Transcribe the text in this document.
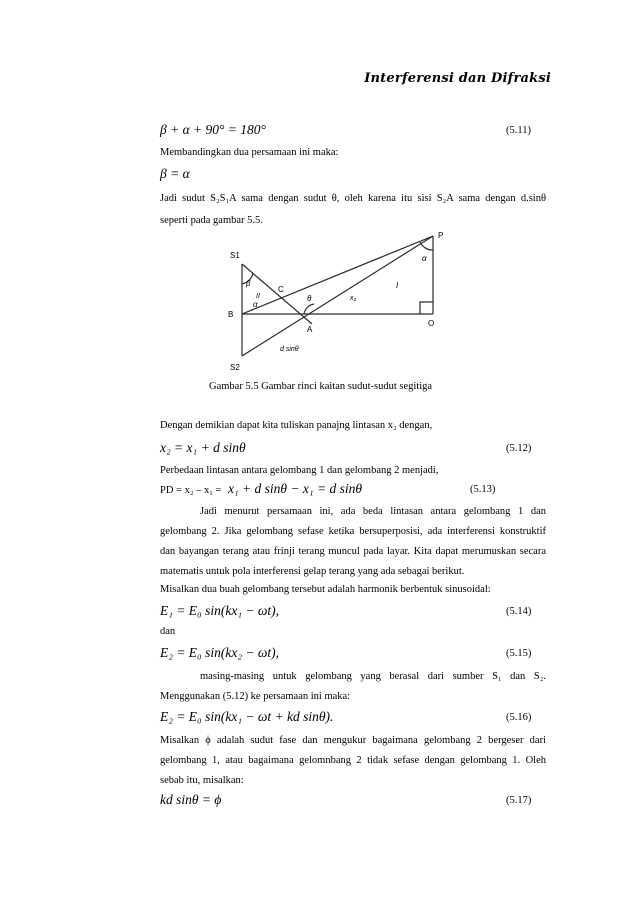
Interferensi dan Difraksi
β + α + 90° = 180°	(5.11)
Membandingkan dua persamaan ini maka:
β = α
Jadi sudut S₂S₁A sama dengan sudut θ, oleh karena itu sisi S₂A sama dengan d.sinθ
seperti pada gambar 5.5.
S1
S2
B
C
A
O
P
β
II
α
θ
α
I
x₂
d sinθ
Gambar 5.5 Gambar rinci kaitan sudut-sudut segitiga
Dengan demikian dapat kita tuliskan panajng lintasan x₂ dengan,
x₂ = x₁ + d sinθ	(5.12)
Perbedaan lintasan antara gelombang 1 dan gelombang 2 menjadi,
PD = x₂ – x₁ = x₁ + d sinθ − x₁ = d sinθ	(5.13)
Jadi menurut persamaan ini, ada beda lintasan antara gelombang 1 dan
gelombang 2. Jika gelombang sefase ketika bersuperposisi, ada interferensi konstruktif
dan bayangan terang atau frinji terang muncul pada layar. Kita dapat merumuskan secara
matematis untuk pola interferensi gelap terang yang ada sebagai berikut.
Misalkan dua buah gelombang tersebut adalah harmonik berbentuk sinusoidal:
E₁ = E₀ sin(kx₁ − ωt),	(5.14)
dan
E₂ = E₀ sin(kx₂ − ωt),	(5.15)
masing-masing untuk gelombang yang berasal dari sumber S₁ dan S₂.
Menggunakan (5.12) ke persamaan ini maka:
E₂ = E₀ sin(kx₁ − ωt + kd sinθ).	(5.16)
Misalkan ϕ adalah sudut fase dan mengukur bagaimana gelombang 2 bergeser dari
gelombang 1, atau bagaimana gelomnbang 2 tidak sefase dengan gelombang 1. Oleh
sebab itu, misalkan:
kd sinθ = ϕ	(5.17)
